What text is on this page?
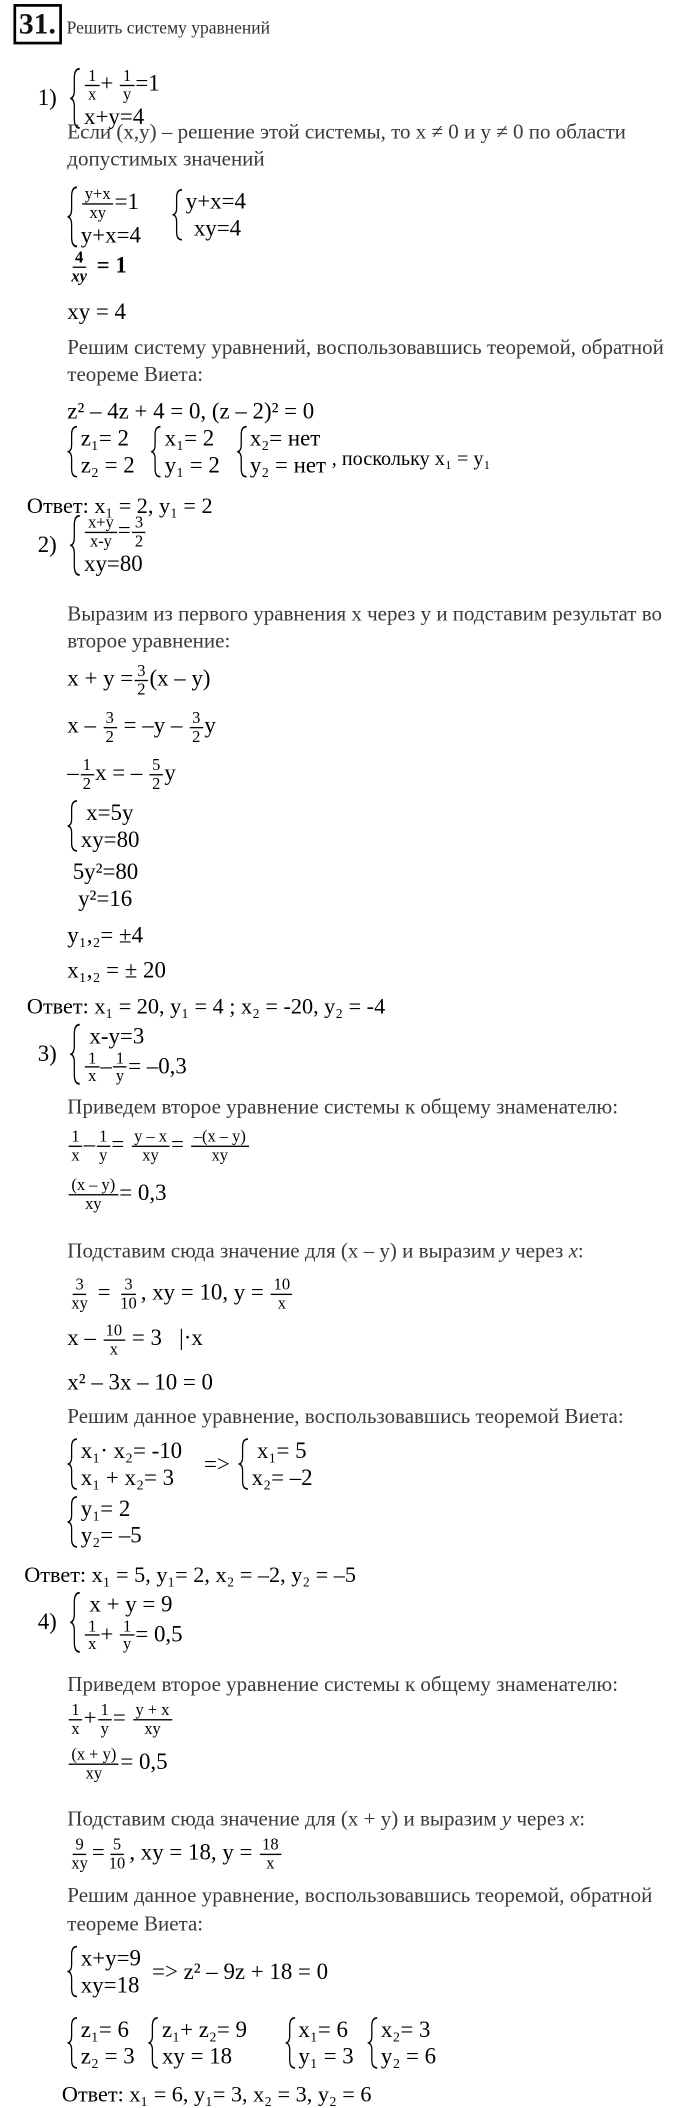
31. Решить систему уравнений
$1) \frac{1}{x} + \frac{1}{y} =1$
x+y=4
Если (x,y) – решение этой системы, то x ≠ 0 и y ≠ 0 по области
допустимых значений
$\frac{y+x}{xy} =1$
y+x=4
y+x=4
xy=4
$\frac{4}{xy} = 1$
xy = 4
Решим систему уравнений, воспользовавшись теоремой, обратной
теореме Виета:
z² – 4z + 4 = 0, (z – 2)² = 0
z₁= 2
z₂ = 2

x₁= 2
y₁ = 2

x₂= нет
y₂ = нет , поскольку x₁ = y₁
Ответ: x₁ = 2, y₁ = 2
$2) \frac{x+y}{x-y} = \frac{3}{2}$
xy=80
Выразим из первого уравнения x через y и подставим результат во
второе уравнение:
$x + y = \frac{3}{2} (x - y)$
$x - \frac{3}{2} = -y - \frac{3}{2}$ y
– $\frac{1}{2}$ x = – $\frac{5}{2}$ y
x=5y
xy=80
5y²=80
y²=16
y₁,₂= ±4
x₁,₂ = ± 20
Ответ: x₁ = 20, y₁ = 4 ; x₂ = -20, y₂ = -4
3)
x-y=3
$\frac{1}{x} - \frac{1}{y} = -0,3$
Приведем второе уравнение системы к общему знаменателю:
$\frac{1}{x} - \frac{1}{y} = \frac{y - x}{xy} = \frac{-(x - y)}{xy}$
$\frac{(x - y)}{xy} = 0,3$
Подставим сюда значение для (x – y) и выразим y через x:
$\frac{3}{xy} = \frac{3}{10}$ , xy = 10, $y = \frac{10}{x}$
$x - \frac{10}{x} = 3$ |·x
x² – 3x – 10 = 0
Решим данное уравнение, воспользовавшись теоремой Виета:
x₁· x₂= -10
x₁ + x₂= 3
=>
x₁= 5
x₂= –2
y₁= 2
y₂= –5
Ответ: x₁ = 5, y₁= 2, x₂ = –2, y₂ = –5
4)
x + y = 9
$\frac{1}{x} + \frac{1}{y} = 0,5$
Приведем второе уравнение системы к общему знаменателю:
$\frac{1}{x} + \frac{1}{y} = \frac{y + x}{xy}$
$\frac{(x + y)}{xy} = 0,5$
Подставим сюда значение для (x + y) и выразим y через x:
$\frac{9}{xy} = \frac{5}{10}$ , xy = 18, $y = \frac{18}{x}$
Решим данное уравнение, воспользовавшись теоремой, обратной
теореме Виета:
x+y=9
xy=18
=> z² – 9z + 18 = 0
z₁= 6
z₂ = 3

z₁+ z₂= 9
xy = 18

x₁= 6
y₁ = 3

x₂= 3
y₂ = 6
Ответ: x₁ = 6, y₁= 3, x₂ = 3, y₂ = 6
